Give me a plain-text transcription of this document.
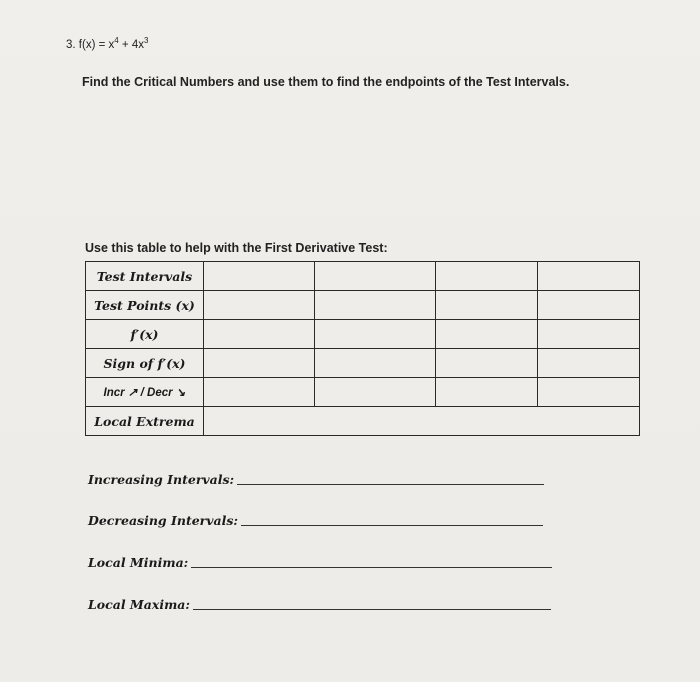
3. $f(x) = x^4 + 4x^3$
Find the Critical Numbers and use them to find the endpoints of the Test Intervals.
Use this table to help with the First Derivative Test:
Test Intervals				
Test Points (x)				
f′(x)				
Sign of f′(x)				
Incr ↗ / Decr ↘				
Local Extrema				
Increasing Intervals:
Decreasing Intervals:
Local Minima:
Local Maxima:
